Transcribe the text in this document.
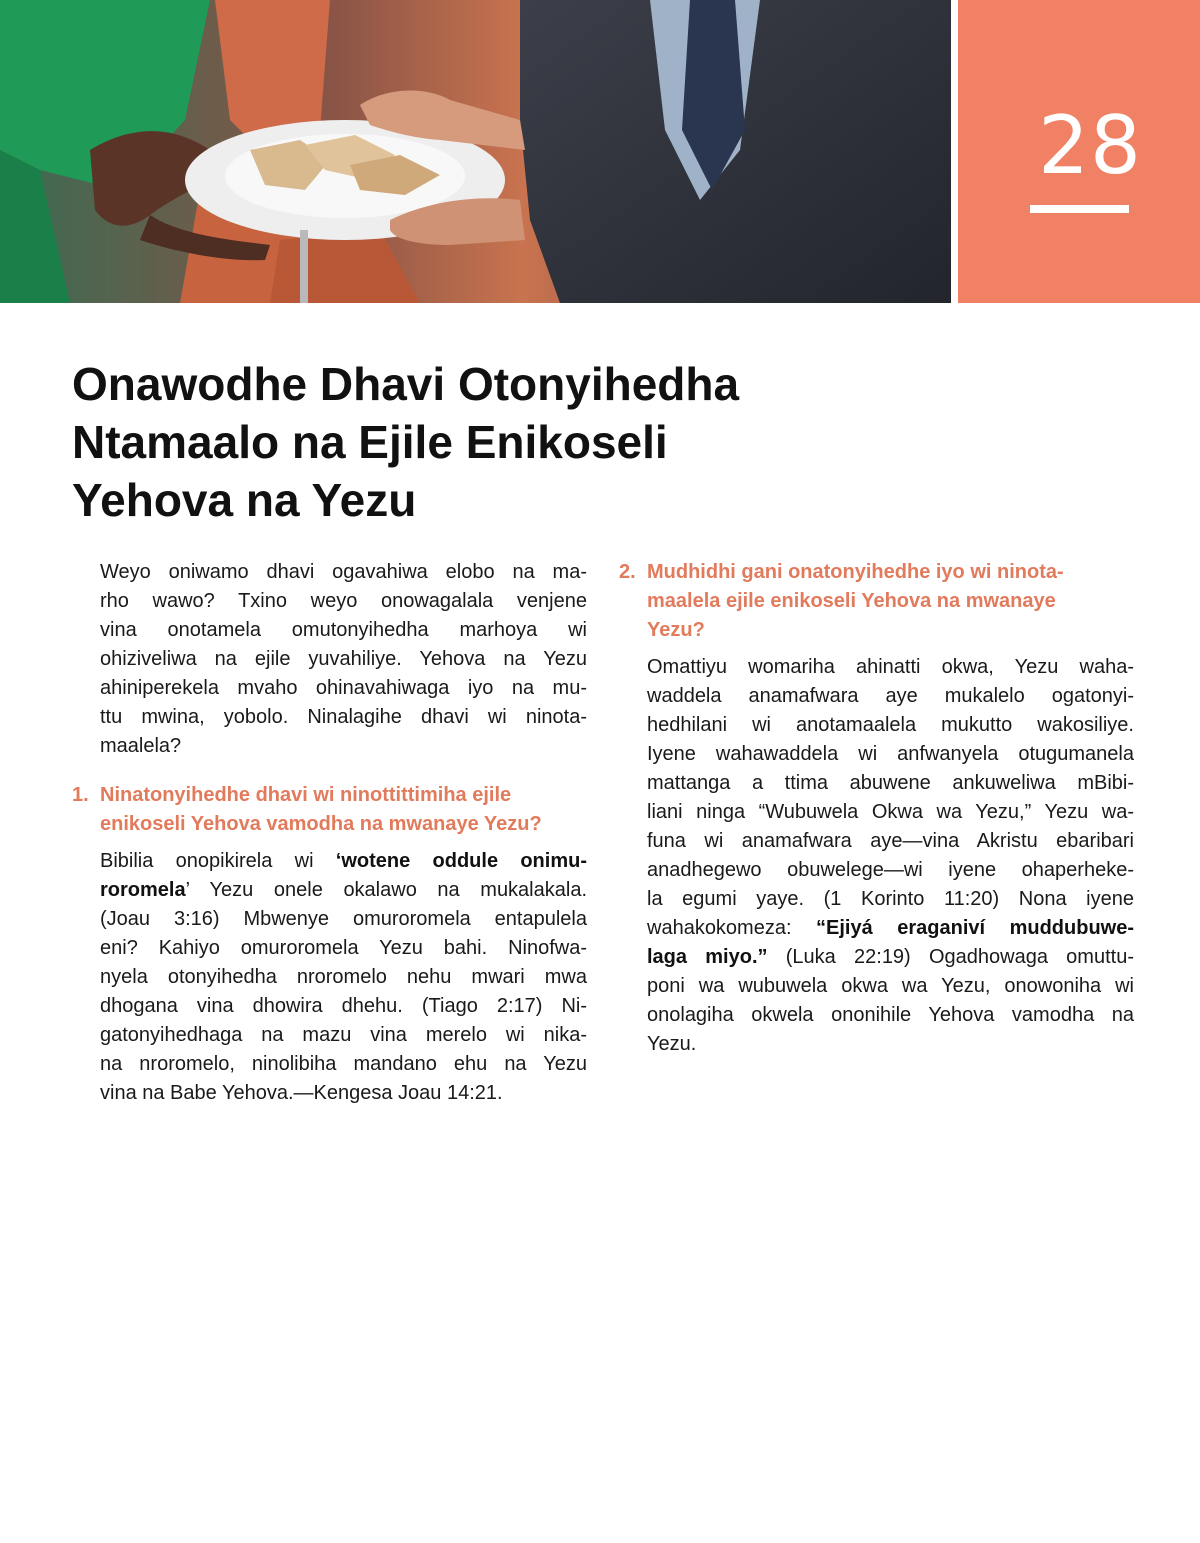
28
Onawodhe Dhavi Otonyihedha
Ntamaalo na Ejile Enikoseli
Yehova na Yezu

Weyo oniwamo dhavi ogavahiwa elobo na ma-
rho wawo? Txino weyo onowagalala venjene
vina onotamela omutonyihedha marhoya wi
ohiziveliwa na ejile yuvahiliye. Yehova na Yezu
ahiniperekela mvaho ohinavahiwaga iyo na mu-
ttu mwina, yobolo. Ninalagihe dhavi wi ninota-
maalela?

1. Ninatonyihedhe dhavi wi ninottittimiha ejile
enikoseli Yehova vamodha na mwanaye Yezu?

Bibilia onopikirela wi ‘wotene oddule onimu-
roromela’ Yezu onele okalawo na mukalakala.
(Joau 3:16) Mbwenye omuroromela entapulela
eni? Kahiyo omuroromela Yezu bahi. Ninofwa-
nyela otonyihedha nroromelo nehu mwari mwa
dhogana vina dhowira dhehu. (Tiago 2:17) Ni-
gatonyihedhaga na mazu vina merelo wi nika-
na nroromelo, ninolibiha mandano ehu na Yezu
vina na Babe Yehova.—Kengesa Joau 14:21.

2. Mudhidhi gani onatonyihedhe iyo wi ninota-
maalela ejile enikoseli Yehova na mwanaye
Yezu?

Omattiyu womariha ahinatti okwa, Yezu waha-
waddela anamafwara aye mukalelo ogatonyi-
hedhilani wi anotamaalela mukutto wakosiliye.
Iyene wahawaddela wi anfwanyela otugumanela
mattanga a ttima abuwene ankuweliwa mBibi-
liani ninga “Wubuwela Okwa wa Yezu,” Yezu wa-
funa wi anamafwara aye—vina Akristu ebaribari
anadhegewo obuwelege—wi iyene ohaperheke-
la egumi yaye. (1 Korinto 11:20) Nona iyene
wahakokomeza: “Ejiyá eraganiví muddubuwe-
laga miyo.” (Luka 22:19) Ogadhowaga omuttu-
poni wa wubuwela okwa wa Yezu, onowoniha wi
onolagiha okwela ononihile Yehova vamodha na
Yezu.
